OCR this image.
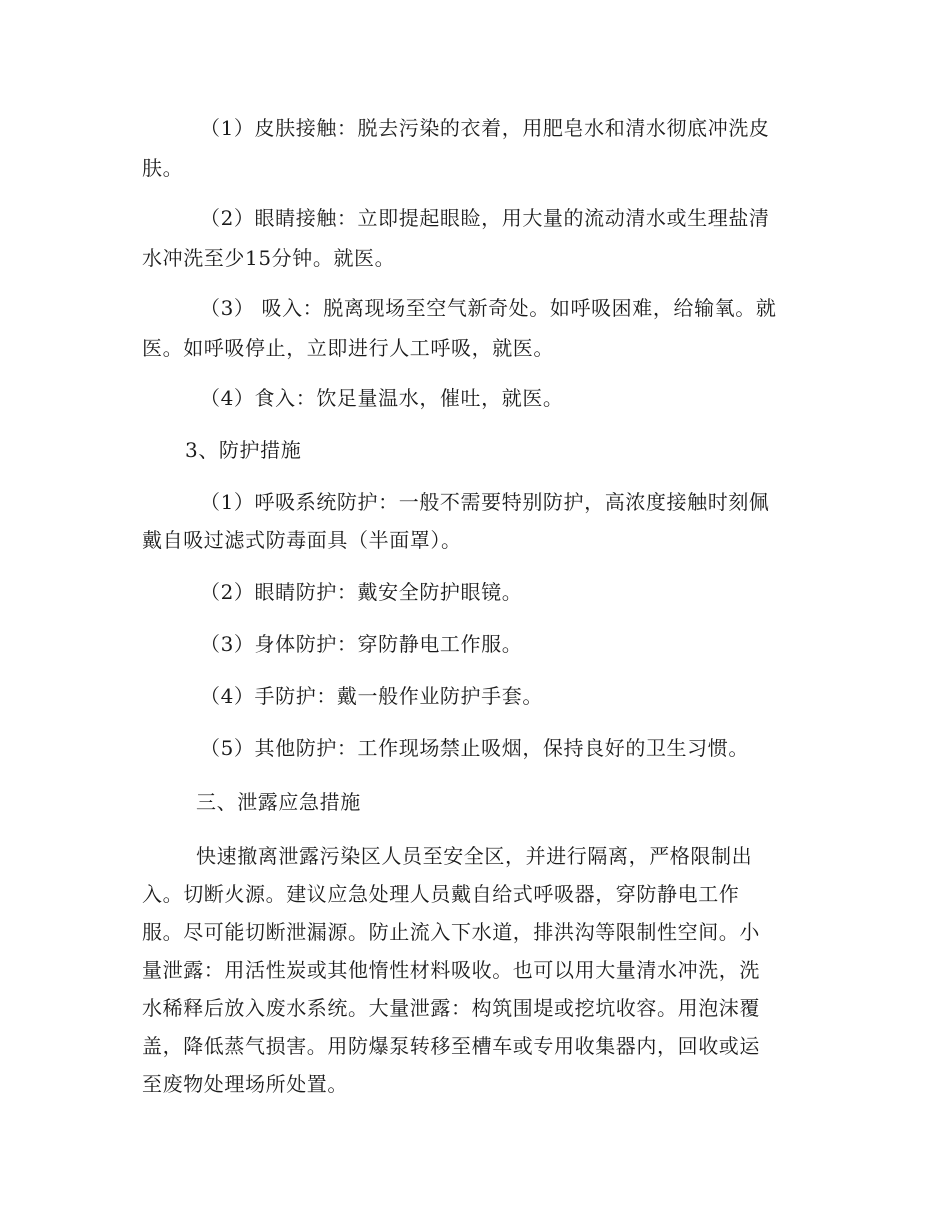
（1）皮肤接触：脱去污染的衣着，用肥皂水和清水彻底冲洗皮
肤。
（2）眼睛接触：立即提起眼睑，用大量的流动清水或生理盐清
水冲洗至少15分钟。就医。
（3） 吸入：脱离现场至空气新奇处。如呼吸困难，给输氧。就
医。如呼吸停止，立即进行人工呼吸，就医。
（4）食入：饮足量温水，催吐，就医。
3、防护措施
（1）呼吸系统防护：一般不需要特别防护，高浓度接触时刻佩
戴自吸过滤式防毒面具（半面罩）。
（2）眼睛防护：戴安全防护眼镜。
（3）身体防护：穿防静电工作服。
（4）手防护：戴一般作业防护手套。
（5）其他防护：工作现场禁止吸烟，保持良好的卫生习惯。
三、泄露应急措施
快速撤离泄露污染区人员至安全区，并进行隔离，严格限制出
入。切断火源。建议应急处理人员戴自给式呼吸器，穿防静电工作
服。尽可能切断泄漏源。防止流入下水道，排洪沟等限制性空间。小
量泄露：用活性炭或其他惰性材料吸收。也可以用大量清水冲洗，洗
水稀释后放入废水系统。大量泄露：构筑围堤或挖坑收容。用泡沫覆
盖，降低蒸气损害。用防爆泵转移至槽车或专用收集器内，回收或运
至废物处理场所处置。
